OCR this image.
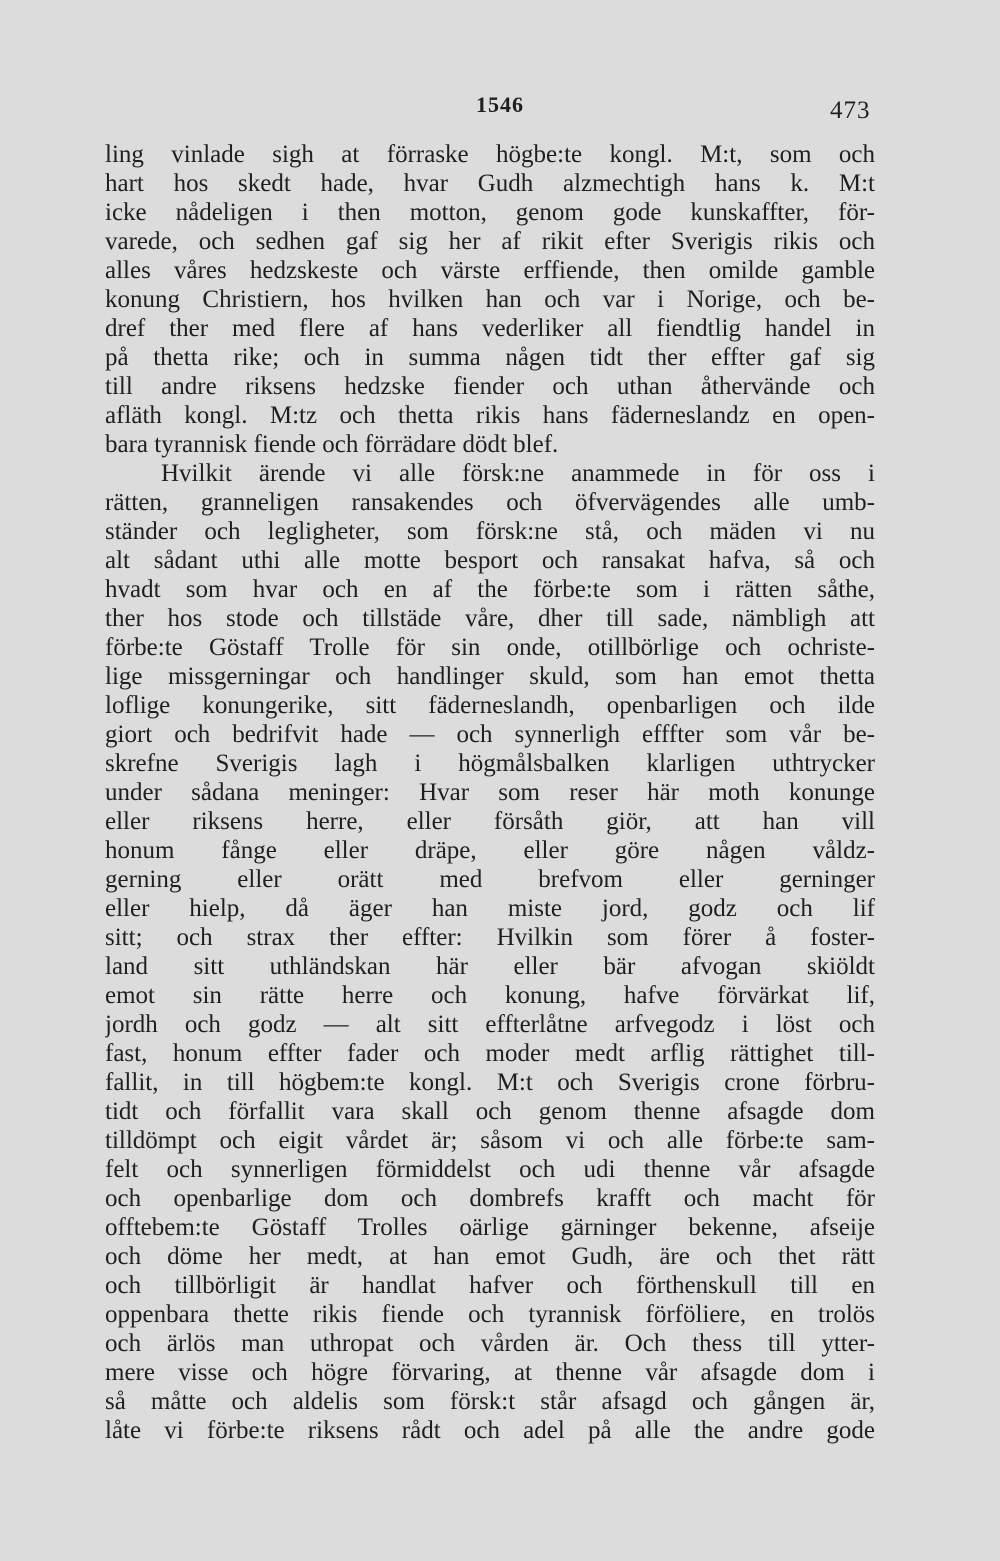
1546	473
ling vinlade sigh at förraske högbe:te kongl. M:t, som och
hart hos skedt hade, hvar Gudh alzmechtigh hans k. M:t
icke nådeligen i then motton, genom gode kunskaffter, för-
varede, och sedhen gaf sig her af rikit efter Sverigis rikis och
alles våres hedzskeste och värste erffiende, then omilde gamble
konung Christiern, hos hvilken han och var i Norige, och be-
dref ther med flere af hans vederliker all fiendtlig handel in
på thetta rike; och in summa någen tidt ther effter gaf sig
till andre riksens hedzske fiender och uthan åthervände och
afläth kongl. M:tz och thetta rikis hans fäderneslandz en open-
bara tyrannisk fiende och förrädare dödt blef.
Hvilkit ärende vi alle försk:ne anammede in för oss i
rätten, granneligen ransakendes och öfvervägendes alle umb-
ständer och legligheter, som försk:ne stå, och mäden vi nu
alt sådant uthi alle motte besport och ransakat hafva, så och
hvadt som hvar och en af the förbe:te som i rätten såthe,
ther hos stode och tillstäde våre, dher till sade, nämbligh att
förbe:te Göstaff Trolle för sin onde, otillbörlige och ochriste-
lige missgerningar och handlinger skuld, som han emot thetta
loflige konungerike, sitt fäderneslandh, openbarligen och ilde
giort och bedrifvit hade — och synnerligh efffter som vår be-
skrefne Sverigis lagh i högmålsbalken klarligen uthtrycker
under sådana meninger: Hvar som reser här moth konunge
eller riksens herre, eller försåth giör, att han vill
honum fånge eller dräpe, eller göre någen våldz-
gerning eller orätt med brefvom eller gerninger
eller hielp, då äger han miste jord, godz och lif
sitt; och strax ther effter: Hvilkin som förer å foster-
land sitt uthländskan här eller bär afvogan skiöldt
emot sin rätte herre och konung, hafve förvärkat lif,
jordh och godz — alt sitt effterlåtne arfvegodz i löst och
fast, honum effter fader och moder medt arflig rättighet till-
fallit, in till högbem:te kongl. M:t och Sverigis crone förbru-
tidt och förfallit vara skall och genom thenne afsagde dom
tilldömpt och eigit vårdet är; såsom vi och alle förbe:te sam-
felt och synnerligen förmiddelst och udi thenne vår afsagde
och openbarlige dom och dombrefs krafft och macht för
offtebem:te Göstaff Trolles oärlige gärninger bekenne, afseije
och döme her medt, at han emot Gudh, äre och thet rätt
och tillbörligit är handlat hafver och förthenskull till en
oppenbara thette rikis fiende och tyrannisk förföliere, en trolös
och ärlös man uthropat och vården är. Och thess till ytter-
mere visse och högre förvaring, at thenne vår afsagde dom i
så måtte och aldelis som försk:t står afsagd och gången är,
låte vi förbe:te riksens rådt och adel på alle the andre gode
